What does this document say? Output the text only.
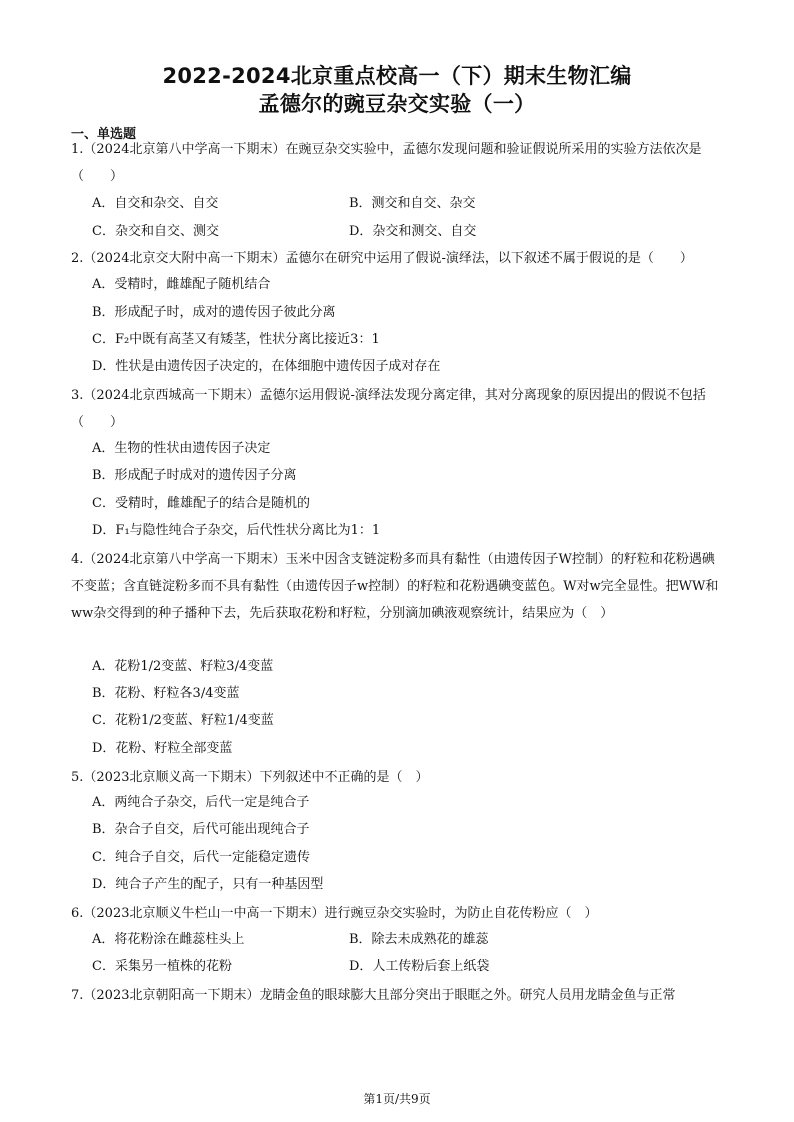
2022-2024北京重点校高一（下）期末生物汇编
孟德尔的豌豆杂交实验（一）
一、单选题
1.（2024北京第八中学高一下期末）在豌豆杂交实验中，孟德尔发现问题和验证假说所采用的实验方法依次是（　　）
A．自交和杂交、自交	B．测交和自交、杂交
C．杂交和自交、测交	D．杂交和测交、自交
2.（2024北京交大附中高一下期末）孟德尔在研究中运用了假说-演绎法，以下叙述不属于假说的是（　　）
A．受精时，雌雄配子随机结合
B．形成配子时，成对的遗传因子彼此分离
C．F₂中既有高茎又有矮茎，性状分离比接近3：1
D．性状是由遗传因子决定的，在体细胞中遗传因子成对存在
3.（2024北京西城高一下期末）孟德尔运用假说-演绎法发现分离定律，其对分离现象的原因提出的假说不包括（　　）
A．生物的性状由遗传因子决定
B．形成配子时成对的遗传因子分离
C．受精时，雌雄配子的结合是随机的
D．F₁与隐性纯合子杂交，后代性状分离比为1：1
4.（2024北京第八中学高一下期末）玉米中因含支链淀粉多而具有黏性（由遗传因子W控制）的籽粒和花粉遇碘不变蓝；含直链淀粉多而不具有黏性（由遗传因子w控制）的籽粒和花粉遇碘变蓝色。W对w完全显性。把WW和ww杂交得到的种子播种下去，先后获取花粉和籽粒，分别滴加碘液观察统计，结果应为（　）
A．花粉1/2变蓝、籽粒3/4变蓝
B．花粉、籽粒各3/4变蓝
C．花粉1/2变蓝、籽粒1/4变蓝
D．花粉、籽粒全部变蓝
5.（2023北京顺义高一下期末）下列叙述中不正确的是（　）
A．两纯合子杂交，后代一定是纯合子
B．杂合子自交，后代可能出现纯合子
C．纯合子自交，后代一定能稳定遗传
D．纯合子产生的配子，只有一种基因型
6.（2023北京顺义牛栏山一中高一下期末）进行豌豆杂交实验时，为防止自花传粉应（　）
A．将花粉涂在雌蕊柱头上	B．除去未成熟花的雄蕊
C．采集另一植株的花粉	D．人工传粉后套上纸袋
7.（2023北京朝阳高一下期末）龙睛金鱼的眼球膨大且部分突出于眼眶之外。研究人员用龙睛金鱼与正常
第1页/共9页
